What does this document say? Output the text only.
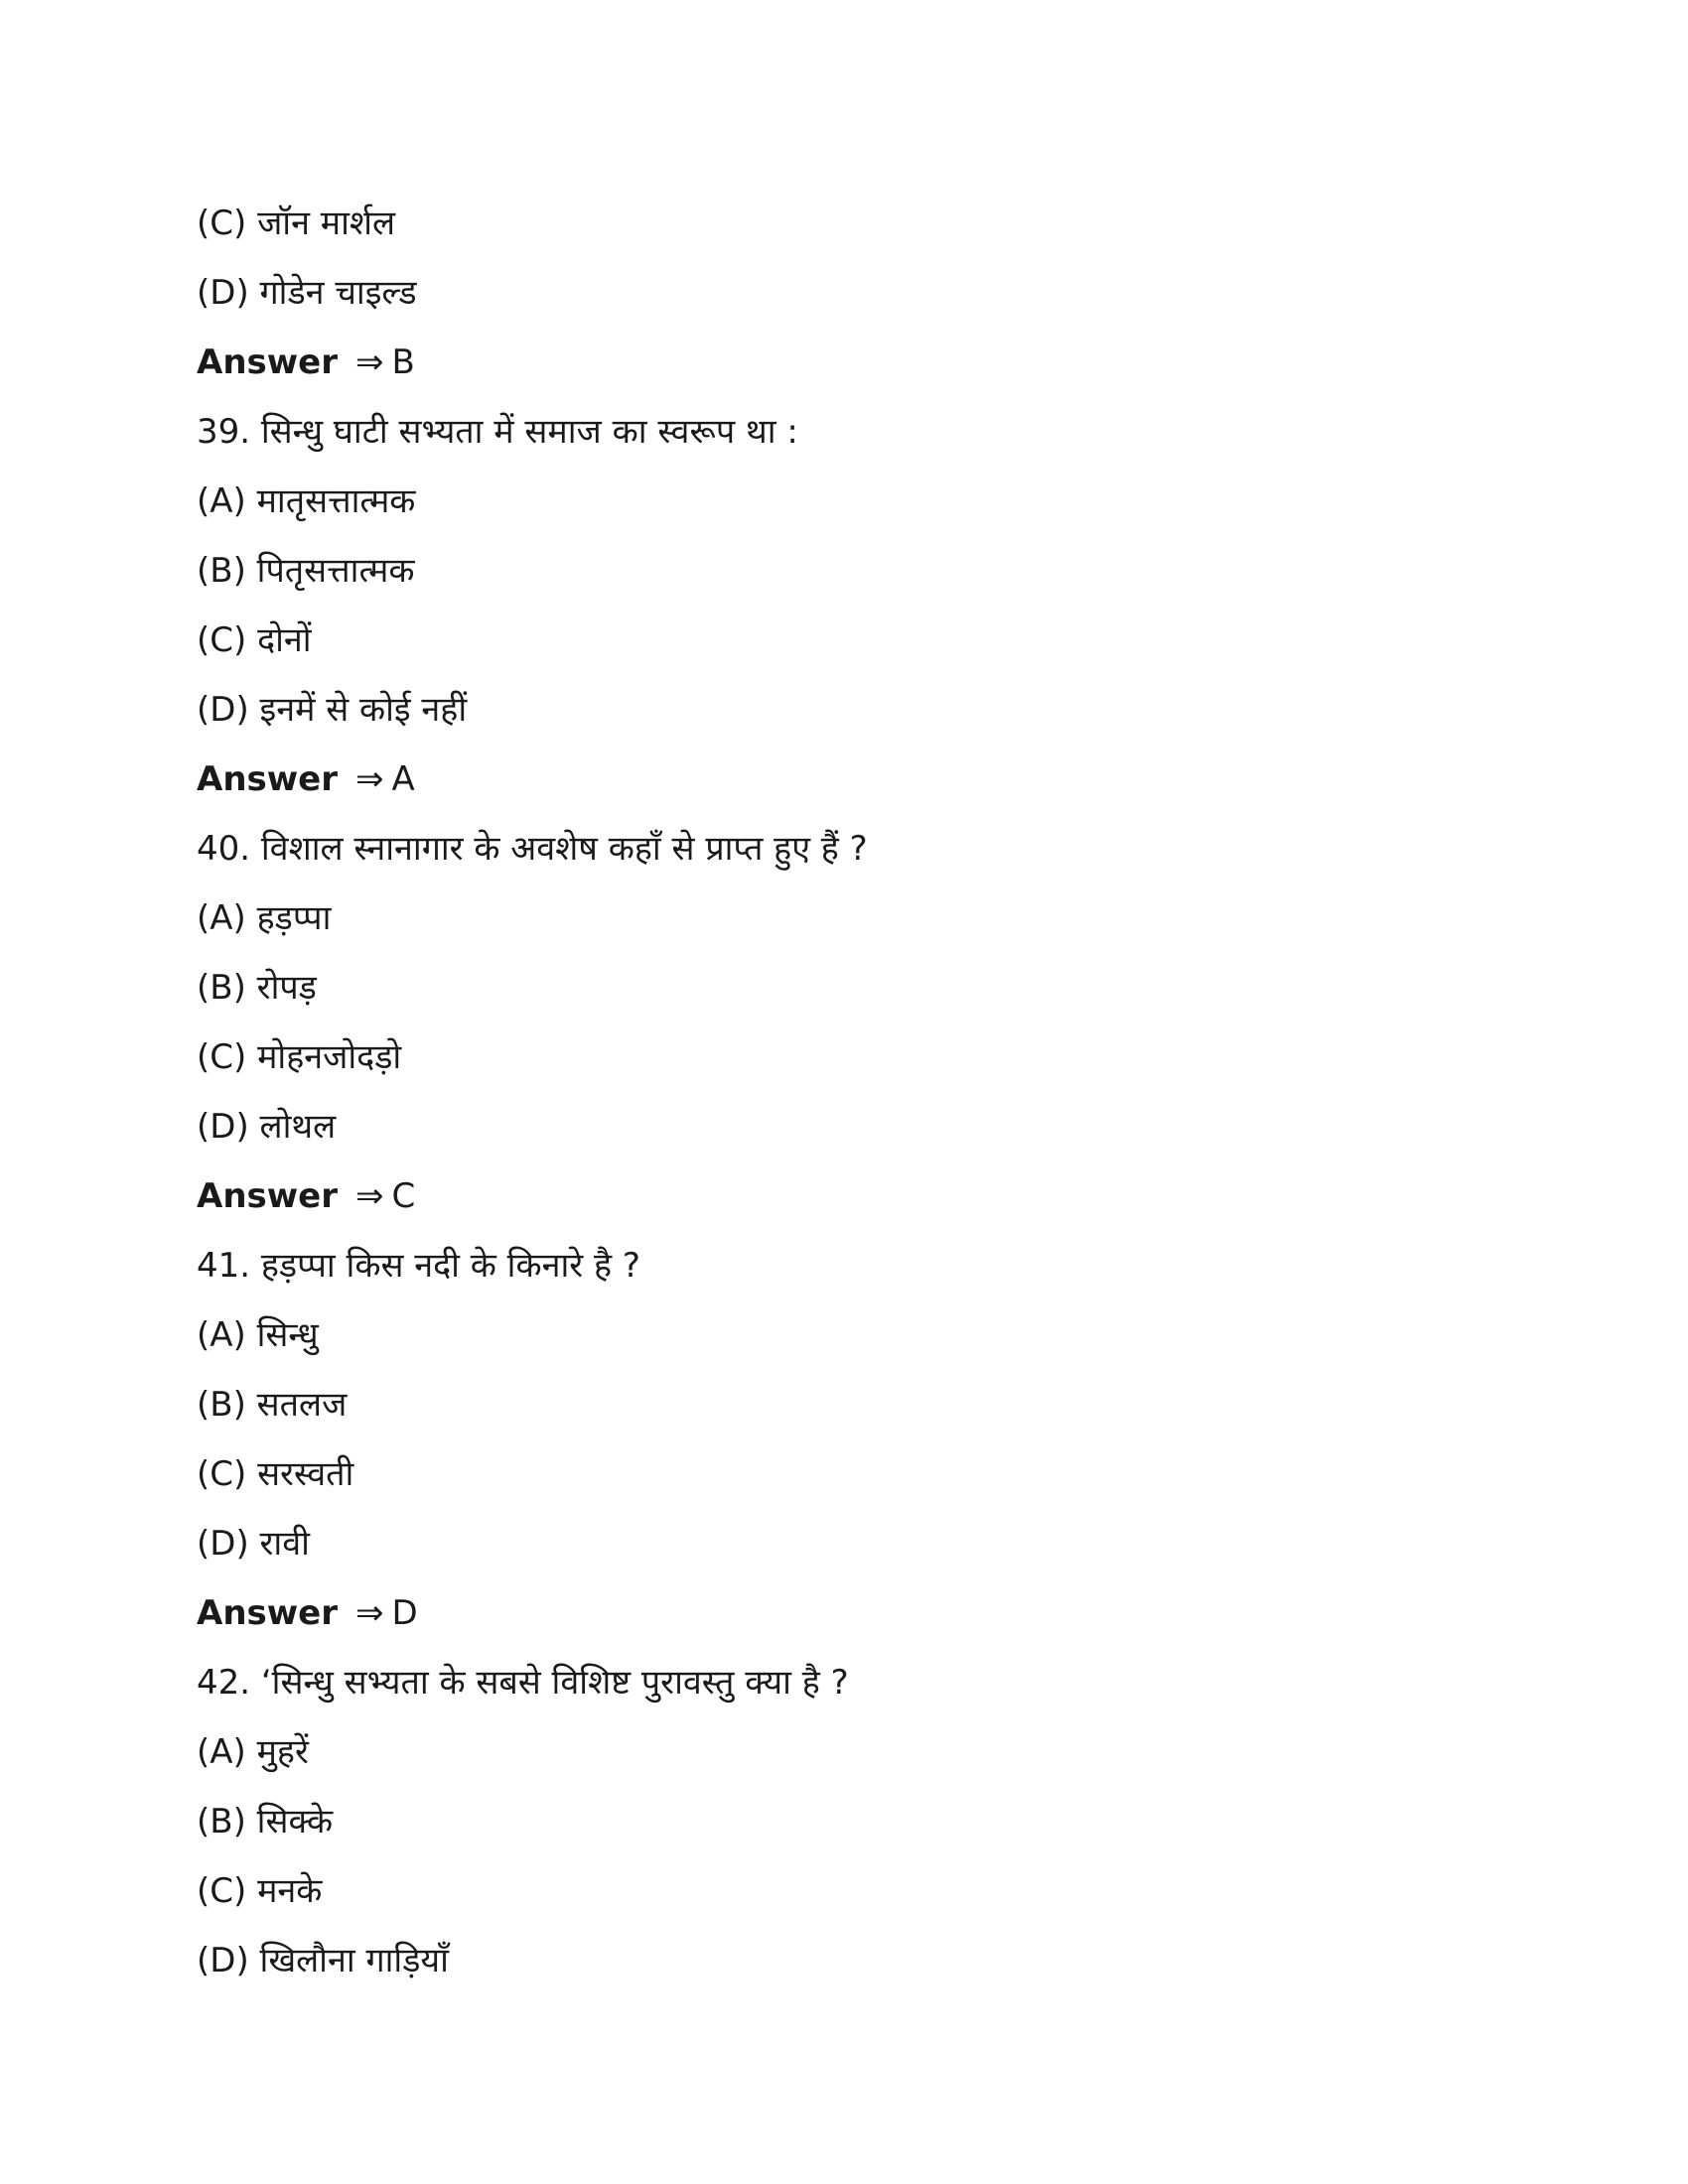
(C) जॉन मार्शल
(D) गोडेन चाइल्ड
Answer ⇒ B
39. सिन्धु घाटी सभ्यता में समाज का स्वरूप था :
(A) मातृसत्तात्मक
(B) पितृसत्तात्मक
(C) दोनों
(D) इनमें से कोई नहीं
Answer ⇒ A
40. विशाल स्नानागार के अवशेष कहाँ से प्राप्त हुए हैं ?
(A) हड़प्पा
(B) रोपड़
(C) मोहनजोदड़ो
(D) लोथल
Answer ⇒ C
41. हड़प्पा किस नदी के किनारे है ?
(A) सिन्धु
(B) सतलज
(C) सरस्वती
(D) रावी
Answer ⇒ D
42. ‘सिन्धु सभ्यता के सबसे विशिष्ट पुरावस्तु क्या है ?
(A) मुहरें
(B) सिक्के
(C) मनके
(D) खिलौना गाड़ियाँ
